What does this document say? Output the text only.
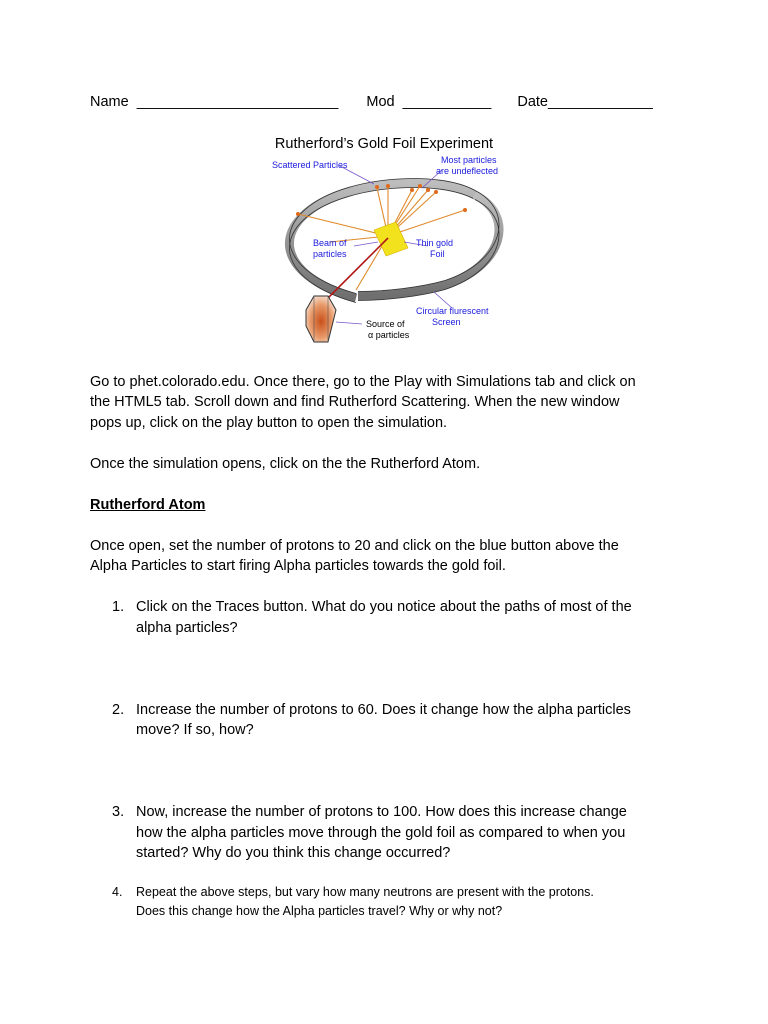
Name _________________________ Mod ___________ Date_____________
Rutherford’s Gold Foil Experiment
Scattered Particles	Most particles
are undeflected
Beam of
particles
Thin gold
Foil
Circular flurescent
Screen
Source of
α particles
Go to phet.colorado.edu. Once there, go to the Play with Simulations tab and click on
the HTML5 tab. Scroll down and find Rutherford Scattering. When the new window
pops up, click on the play button to open the simulation.
Once the simulation opens, click on the the Rutherford Atom.
Rutherford Atom
Once open, set the number of protons to 20 and click on the blue button above the
Alpha Particles to start firing Alpha particles towards the gold foil.
1. Click on the Traces button. What do you notice about the paths of most of the
alpha particles?
2. Increase the number of protons to 60. Does it change how the alpha particles
move? If so, how?
3. Now, increase the number of protons to 100. How does this increase change
how the alpha particles move through the gold foil as compared to when you
started? Why do you think this change occurred?
4. Repeat the above steps, but vary how many neutrons are present with the protons.
Does this change how the Alpha particles travel? Why or why not?
